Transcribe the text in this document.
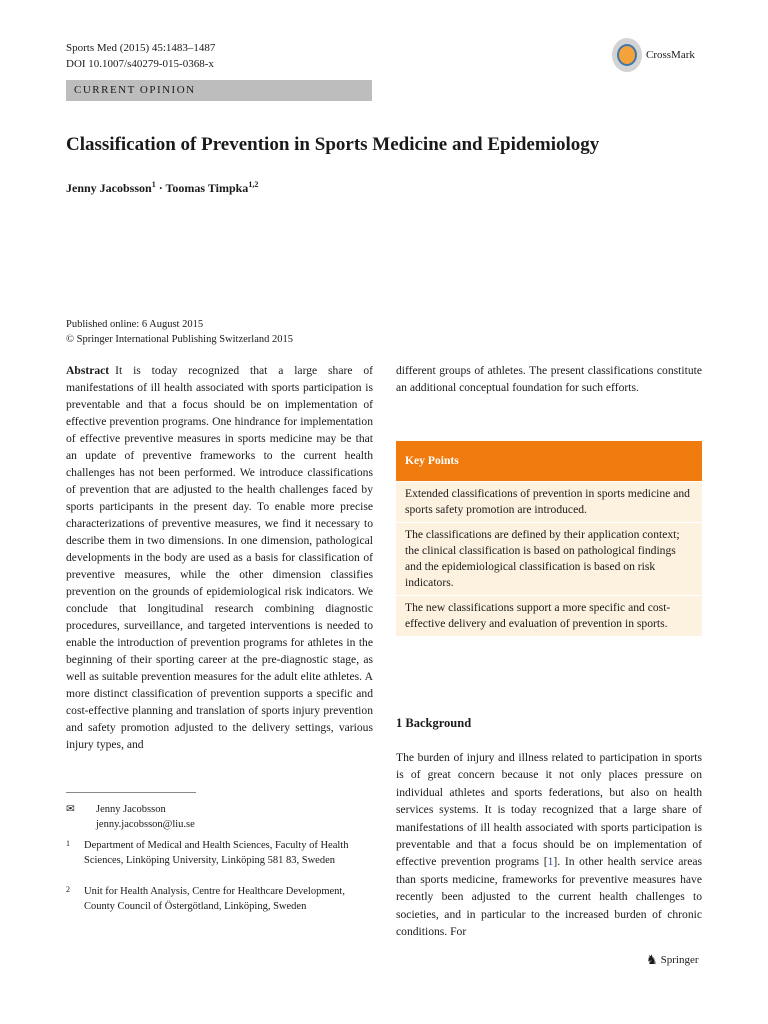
Sports Med (2015) 45:1483–1487
DOI 10.1007/s40279-015-0368-x
CrossMark
CURRENT OPINION
Classification of Prevention in Sports Medicine and Epidemiology
Jenny Jacobsson$^1$ · Toomas Timpka$^{1,2}$
Published online: 6 August 2015
© Springer International Publishing Switzerland 2015
Abstract It is today recognized that a large share of manifestations of ill health associated with sports participation is preventable and that a focus should be on implementation of effective prevention programs. One hindrance for implementation of effective preventive measures in sports medicine may be that an update of preventive frameworks to the current health challenges has not been performed. We introduce classifications of prevention that are adjusted to the health challenges faced by sports participants in the present day. To enable more precise characterizations of preventive measures, we find it necessary to describe them in two dimensions. In one dimension, pathological developments in the body are used as a basis for classification of preventive measures, while the other dimension classifies prevention on the grounds of epidemiological risk indicators. We conclude that longitudinal research combining diagnostic procedures, surveillance, and targeted interventions is needed to enable the introduction of prevention programs for athletes in the beginning of their sporting career at the pre-diagnostic stage, as well as suitable prevention measures for the adult elite athletes. A more distinct classification of prevention supports a specific and cost-effective planning and translation of sports injury prevention and safety promotion adjusted to the delivery settings, various injury types, and
different groups of athletes. The present classifications constitute an additional conceptual foundation for such efforts.
Key Points
Extended classifications of prevention in sports medicine and sports safety promotion are introduced.
The classifications are defined by their application context; the clinical classification is based on pathological findings and the epidemiological classification is based on risk indicators.
The new classifications support a more specific and cost-effective delivery and evaluation of prevention in sports.
1 Background
The burden of injury and illness related to participation in sports is of great concern because it not only places pressure on individual athletes and sports federations, but also on health services systems. It is today recognized that a large share of manifestations of ill health associated with sports participation is preventable and that a focus should be on implementation of effective prevention programs [1]. In other health service areas than sports medicine, frameworks for preventive measures have recently been adjusted to the current health challenges to societies, and in particular to the increased burden of chronic conditions. For
✉ Jenny Jacobsson
jenny.jacobsson@liu.se
1	Department of Medical and Health Sciences, Faculty of Health Sciences, Linköping University, Linköping 581 83, Sweden
2	Unit for Health Analysis, Centre for Healthcare Development, County Council of Östergötland, Linköping, Sweden
♞ Springer
